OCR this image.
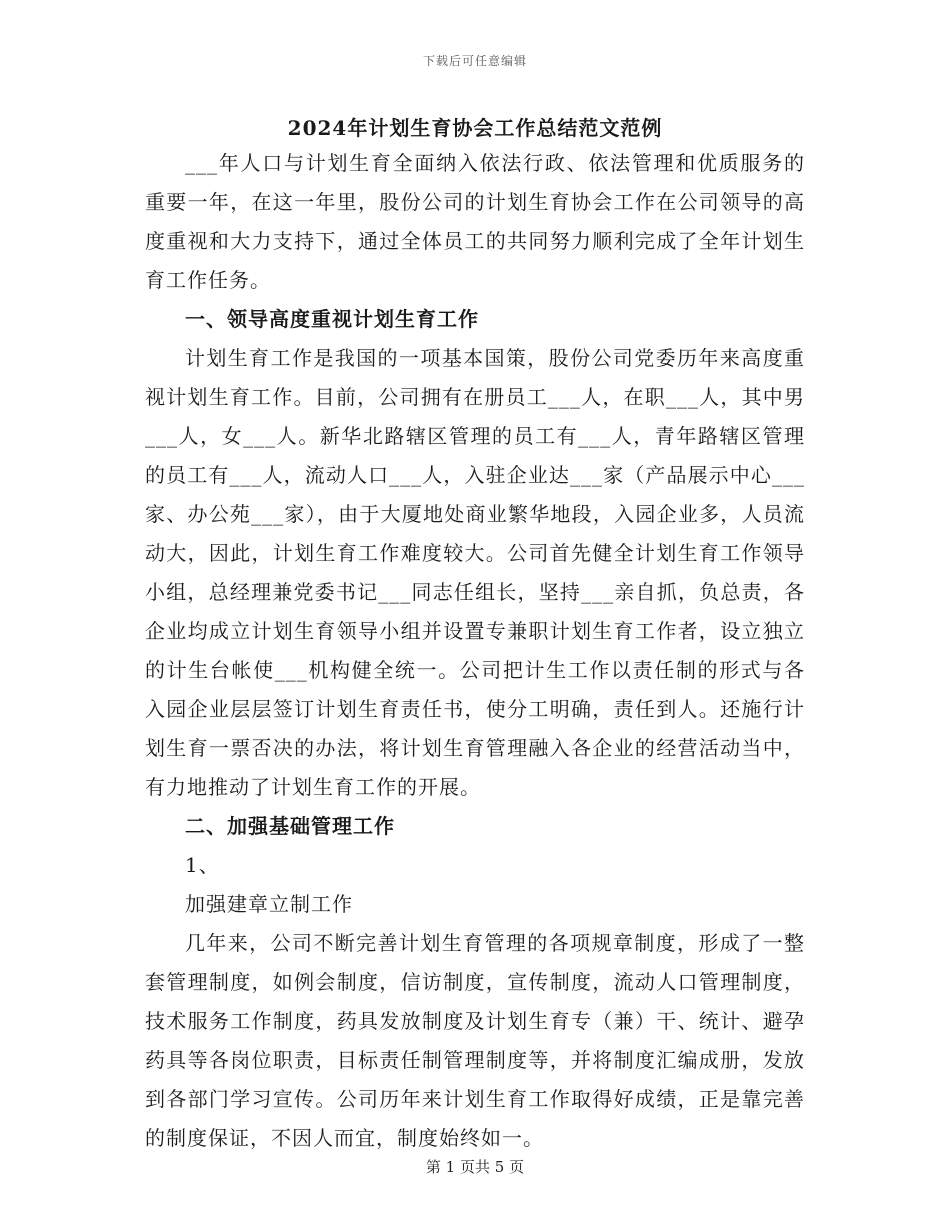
下载后可任意编辑
2024年计划生育协会工作总结范文范例

___年人口与计划生育全面纳入依法行政、依法管理和优质服务的重要一年，在这一年里，股份公司的计划生育协会工作在公司领导的高度重视和大力支持下，通过全体员工的共同努力顺利完成了全年计划生育工作任务。

一、领导高度重视计划生育工作

计划生育工作是我国的一项基本国策，股份公司党委历年来高度重视计划生育工作。目前，公司拥有在册员工___人，在职___人，其中男___人，女___人。新华北路辖区管理的员工有___人，青年路辖区管理的员工有___人，流动人口___人，入驻企业达___家（产品展示中心___家、办公苑___家），由于大厦地处商业繁华地段，入园企业多，人员流动大，因此，计划生育工作难度较大。公司首先健全计划生育工作领导小组，总经理兼党委书记___同志任组长，坚持___亲自抓，负总责，各企业均成立计划生育领导小组并设置专兼职计划生育工作者，设立独立的计生台帐使___机构健全统一。公司把计生工作以责任制的形式与各入园企业层层签订计划生育责任书，使分工明确，责任到人。还施行计划生育一票否决的办法，将计划生育管理融入各企业的经营活动当中，有力地推动了计划生育工作的开展。

二、加强基础管理工作

1、

加强建章立制工作

几年来，公司不断完善计划生育管理的各项规章制度，形成了一整套管理制度，如例会制度，信访制度，宣传制度，流动人口管理制度，技术服务工作制度，药具发放制度及计划生育专（兼）干、统计、避孕药具等各岗位职责，目标责任制管理制度等，并将制度汇编成册，发放到各部门学习宣传。公司历年来计划生育工作取得好成绩，正是靠完善的制度保证，不因人而宜，制度始终如一。

第 1 页共 5 页
